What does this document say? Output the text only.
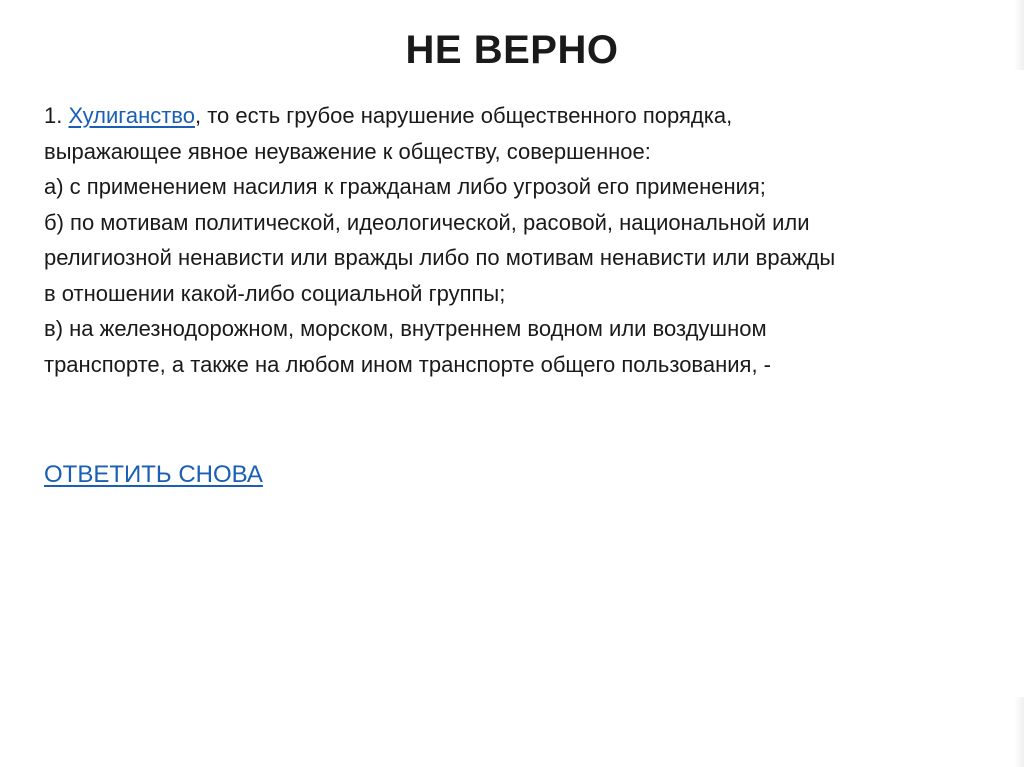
НЕ ВЕРНО
1. Хулиганство, то есть грубое нарушение общественного порядка,
выражающее явное неуважение к обществу, совершенное:
а) с применением насилия к гражданам либо угрозой его применения;
б) по мотивам политической, идеологической, расовой, национальной или
религиозной ненависти или вражды либо по мотивам ненависти или вражды
в отношении какой-либо социальной группы;
в) на железнодорожном, морском, внутреннем водном или воздушном
транспорте, а также на любом ином транспорте общего пользования, -
ОТВЕТИТЬ СНОВА
